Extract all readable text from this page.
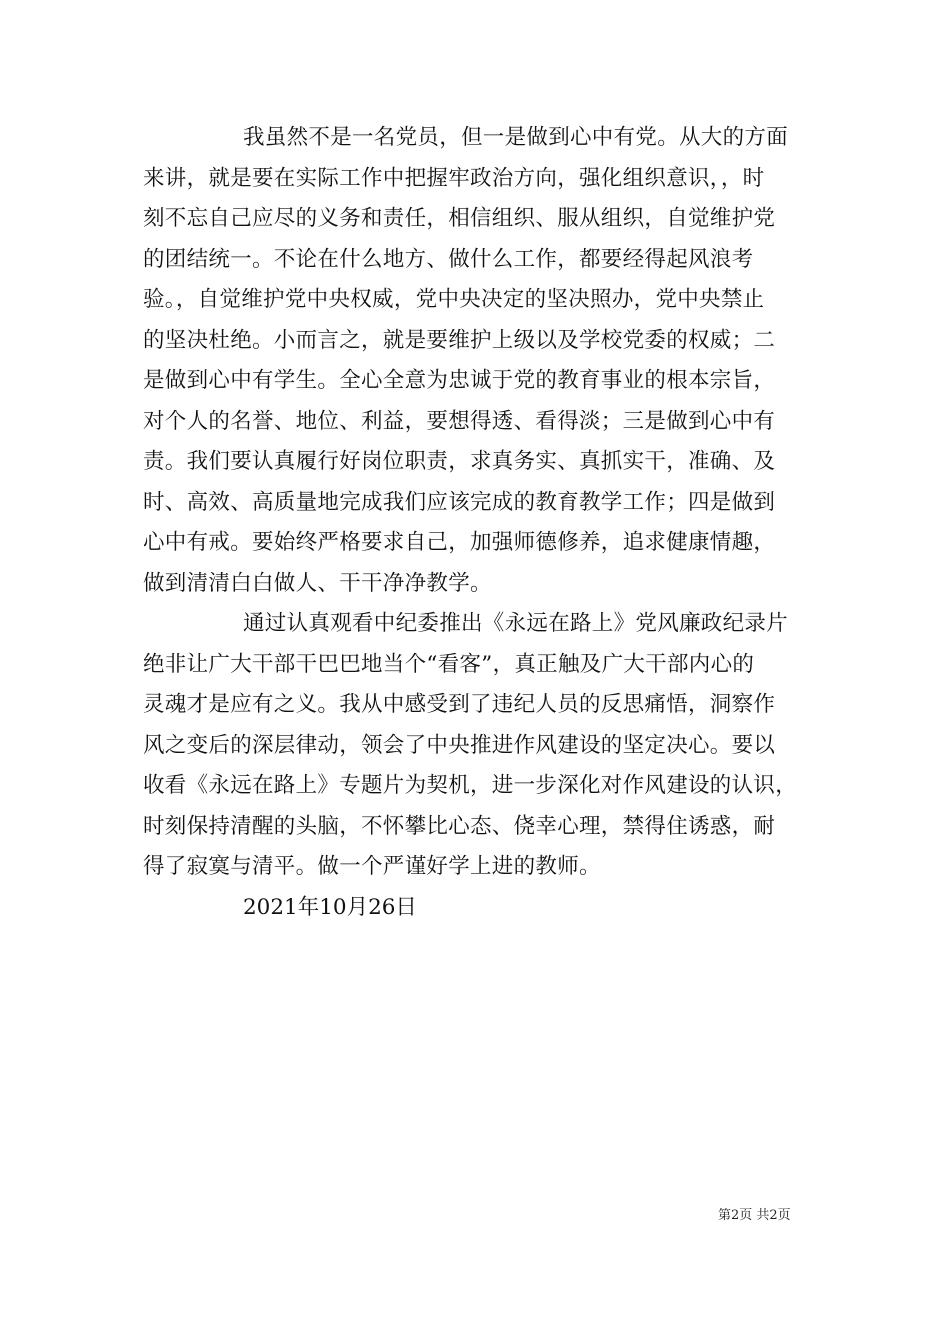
我虽然不是一名党员，但一是做到心中有党。从大的方面
来讲，就是要在实际工作中把握牢政治方向，强化组织意识，，时
刻不忘自己应尽的义务和责任，相信组织、服从组织，自觉维护党
的团结统一。不论在什么地方、做什么工作，都要经得起风浪考
验。，自觉维护党中央权威，党中央决定的坚决照办，党中央禁止
的坚决杜绝。小而言之，就是要维护上级以及学校党委的权威；二
是做到心中有学生。全心全意为忠诚于党的教育事业的根本宗旨，
对个人的名誉、地位、利益，要想得透、看得淡；三是做到心中有
责。我们要认真履行好岗位职责，求真务实、真抓实干，准确、及
时、高效、高质量地完成我们应该完成的教育教学工作；四是做到
心中有戒。要始终严格要求自己，加强师德修养，追求健康情趣，
做到清清白白做人、干干净净教学。
通过认真观看中纪委推出《永远在路上》党风廉政纪录片
绝非让广大干部干巴巴地当个“看客”，真正触及广大干部内心的
灵魂才是应有之义。我从中感受到了违纪人员的反思痛悟，洞察作
风之变后的深层律动，领会了中央推进作风建设的坚定决心。要以
收看《永远在路上》专题片为契机，进一步深化对作风建设的认识，
时刻保持清醒的头脑，不怀攀比心态、侥幸心理，禁得住诱惑，耐
得了寂寞与清平。做一个严谨好学上进的教师。
2021年10月26日
第2页 共2页
